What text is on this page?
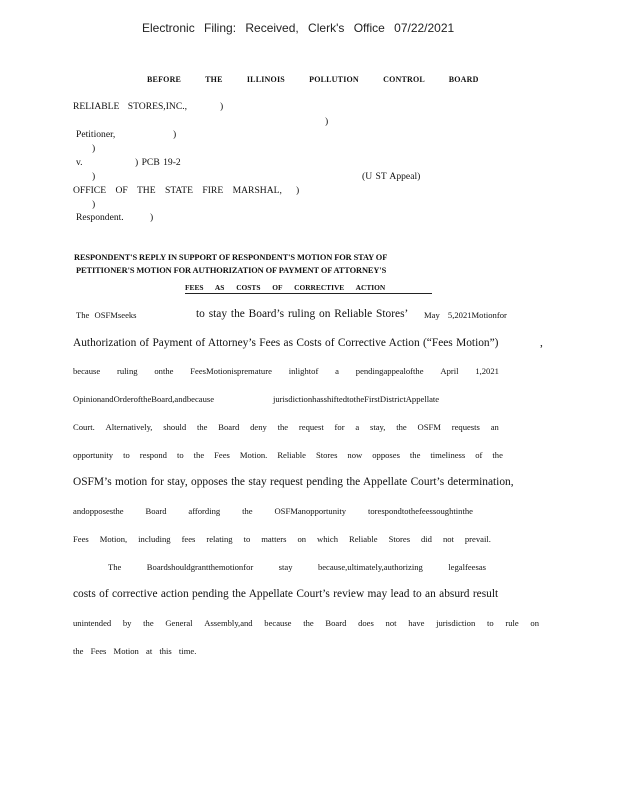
Electronic Filing: Received, Clerk's Office 07/22/2021
BEFORE THE ILLINOIS POLLUTION CONTROL BOARD
RELIABLE STORES,INC.,	)
)
Petitioner,	)
)
v.	) PCB 19-2
)	(U ST Appeal)
OFFICE OF THE STATE FIRE MARSHAL, )
)
Respondent.	)
RESPONDENT'S REPLY IN SUPPORT OF RESPONDENT'S MOTION FOR STAY OF
PETITIONER'S MOTION FOR AUTHORIZATION OF PAYMENT OF ATTORNEY'S
FEES AS COSTS OF CORRECTIVE ACTION
The OSFMseeks	to stay the Board’s ruling on Reliable Stores’ May 5,2021Motionfor
Authorization of Payment of Attorney’s Fees as Costs of Corrective Action (“Fees Motion”)	,
because ruling onthe FeesMotionispremature inlightof a pendingappealofthe April 1,2021
OpinionandOrderoftheBoard,andbecause	jurisdictionhasshiftedtotheFirstDistrictAppellate
Court. Alternatively, should the Board deny the request for a stay, the OSFM requests an
opportunity to respond to the Fees Motion. Reliable Stores now opposes the timeliness of the
OSFM’s motion for stay, opposes the stay request pending the Appellate Court’s determination,
andopposesthe	Board	affording	the	OSFManopportunity	torespondtothefeessoughtinthe
Fees Motion, including fees relating to matters on which Reliable Stores did not prevail.
The	Boardshouldgrantthemotionfor	stay	because,ultimately,authorizing	legalfeesas
costs of corrective action pending the Appellate Court’s review may lead to an absurd result
unintended by the General Assembly,and because the Board does not have jurisdiction to rule on
the Fees Motion at this time.
